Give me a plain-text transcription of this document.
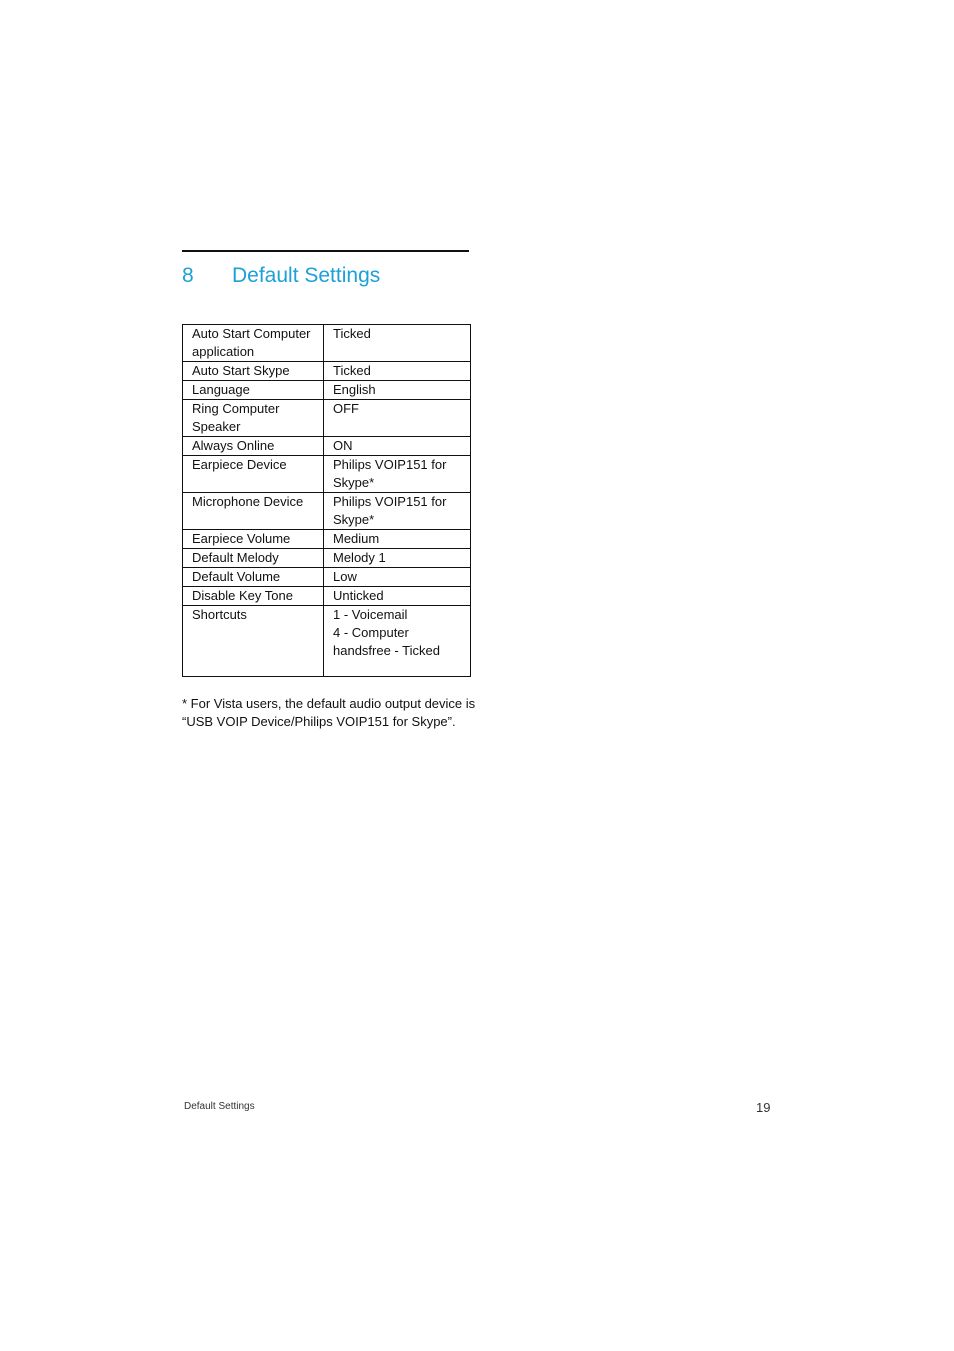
8 Default Settings
Auto Start Computer application	Ticked
Auto Start Skype	Ticked
Language	English
Ring Computer Speaker	OFF
Always Online	ON
Earpiece Device	Philips VOIP151 for Skype*
Microphone Device	Philips VOIP151 for Skype*
Earpiece Volume	Medium
Default Melody	Melody 1
Default Volume	Low
Disable Key Tone	Unticked
Shortcuts	1 - Voicemail
4 - Computer handsfree - Ticked
* For Vista users, the default audio output device is “USB VOIP Device/Philips VOIP151 for Skype”.
Default Settings	19
